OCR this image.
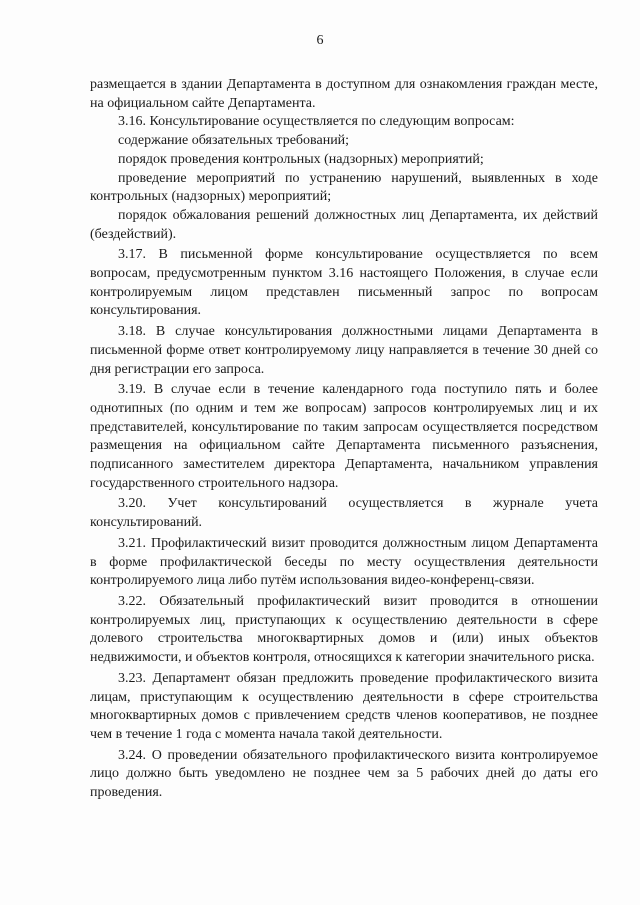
6

размещается в здании Департамента в доступном для ознакомления граждан месте, на официальном сайте Департамента.

3.16. Консультирование осуществляется по следующим вопросам:

содержание обязательных требований;

порядок проведения контрольных (надзорных) мероприятий;

проведение мероприятий по устранению нарушений, выявленных в ходе контрольных (надзорных) мероприятий;

порядок обжалования решений должностных лиц Департамента, их действий (бездействий).

3.17. В письменной форме консультирование осуществляется по всем вопросам, предусмотренным пунктом 3.16 настоящего Положения, в случае если контролируемым лицом представлен письменный запрос по вопросам консультирования.

3.18. В случае консультирования должностными лицами Департамента в письменной форме ответ контролируемому лицу направляется в течение 30 дней со дня регистрации его запроса.

3.19. В случае если в течение календарного года поступило пять и более однотипных (по одним и тем же вопросам) запросов контролируемых лиц и их представителей, консультирование по таким запросам осуществляется посредством размещения на официальном сайте Департамента письменного разъяснения, подписанного заместителем директора Департамента, начальником управления государственного строительного надзора.

3.20. Учет консультирований осуществляется в журнале учета консультирований.

3.21. Профилактический визит проводится должностным лицом Департамента в форме профилактической беседы по месту осуществления деятельности контролируемого лица либо путём использования видео-конференц-связи.

3.22. Обязательный профилактический визит проводится в отношении контролируемых лиц, приступающих к осуществлению деятельности в сфере долевого строительства многоквартирных домов и (или) иных объектов недвижимости, и объектов контроля, относящихся к категории значительного риска.

3.23. Департамент обязан предложить проведение профилактического визита лицам, приступающим к осуществлению деятельности в сфере строительства многоквартирных домов с привлечением средств членов кооперативов, не позднее чем в течение 1 года с момента начала такой деятельности.

3.24. О проведении обязательного профилактического визита контролируемое лицо должно быть уведомлено не позднее чем за 5 рабочих дней до даты его проведения.
